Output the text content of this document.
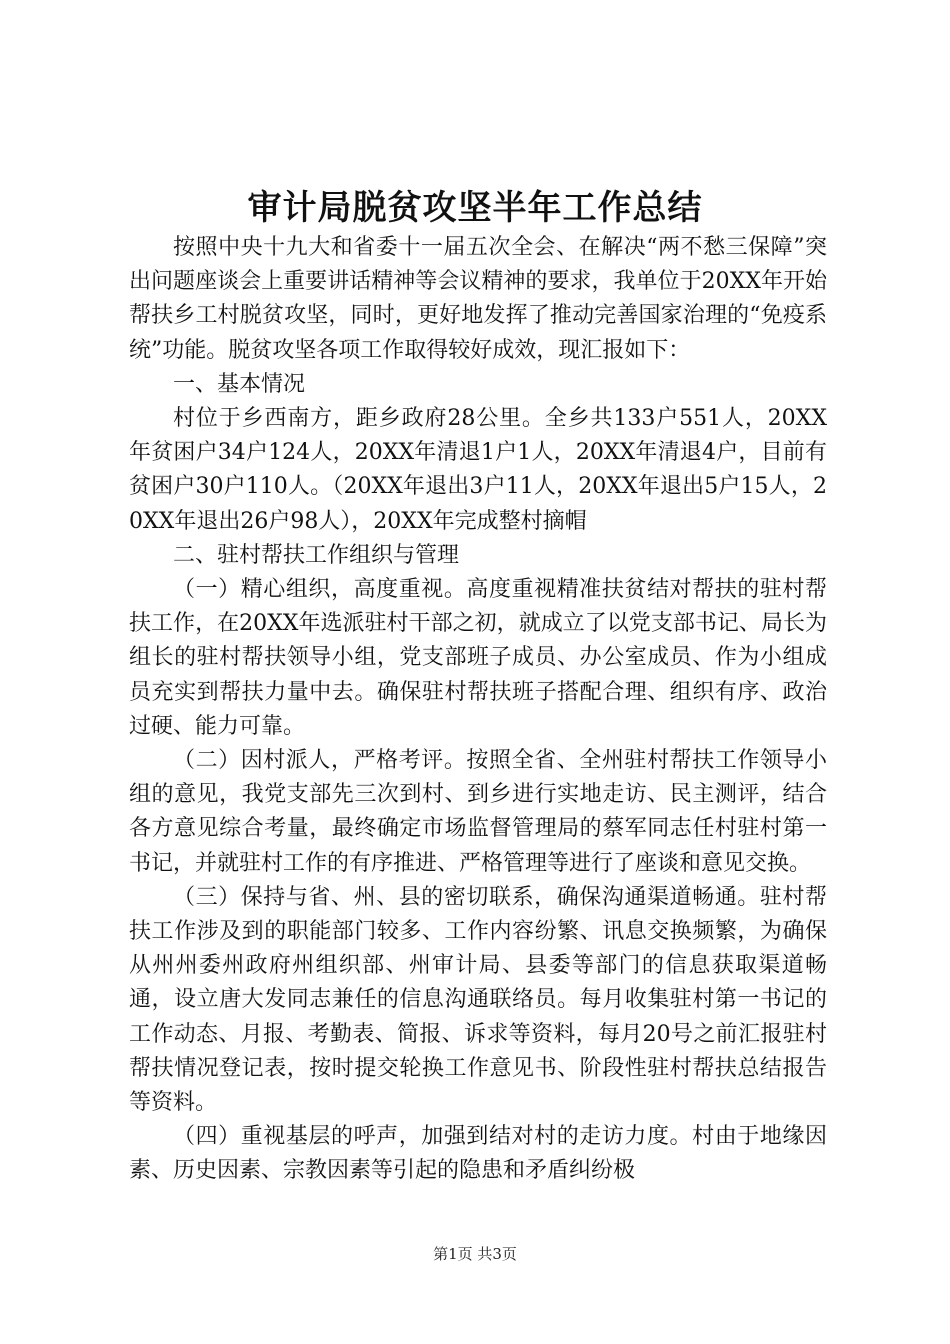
审计局脱贫攻坚半年工作总结

按照中央十九大和省委十一届五次全会、在解决“两不愁三保障”突出问题座谈会上重要讲话精神等会议精神的要求，我单位于20XX年开始帮扶乡工村脱贫攻坚，同时，更好地发挥了推动完善国家治理的“免疫系统”功能。脱贫攻坚各项工作取得较好成效，现汇报如下：

一、基本情况

村位于乡西南方，距乡政府28公里。全乡共133户551人，20XX年贫困户34户124人，20XX年清退1户1人，20XX年清退4户，目前有贫困户30户110人。（20XX年退出3户11人，20XX年退出5户15人，20XX年退出26户98人），20XX年完成整村摘帽

二、驻村帮扶工作组织与管理

（一）精心组织，高度重视。高度重视精准扶贫结对帮扶的驻村帮扶工作，在20XX年选派驻村干部之初，就成立了以党支部书记、局长为组长的驻村帮扶领导小组，党支部班子成员、办公室成员、作为小组成员充实到帮扶力量中去。确保驻村帮扶班子搭配合理、组织有序、政治过硬、能力可靠。

（二）因村派人，严格考评。按照全省、全州驻村帮扶工作领导小组的意见，我党支部先三次到村、到乡进行实地走访、民主测评，结合各方意见综合考量，最终确定市场监督管理局的蔡军同志任村驻村第一书记，并就驻村工作的有序推进、严格管理等进行了座谈和意见交换。

（三）保持与省、州、县的密切联系，确保沟通渠道畅通。驻村帮扶工作涉及到的职能部门较多、工作内容纷繁、讯息交换频繁，为确保从州州委州政府州组织部、州审计局、县委等部门的信息获取渠道畅通，设立唐大发同志兼任的信息沟通联络员。每月收集驻村第一书记的工作动态、月报、考勤表、简报、诉求等资料，每月20号之前汇报驻村帮扶情况登记表，按时提交轮换工作意见书、阶段性驻村帮扶总结报告等资料。

（四）重视基层的呼声，加强到结对村的走访力度。村由于地缘因素、历史因素、宗教因素等引起的隐患和矛盾纠纷极

第1页 共3页
